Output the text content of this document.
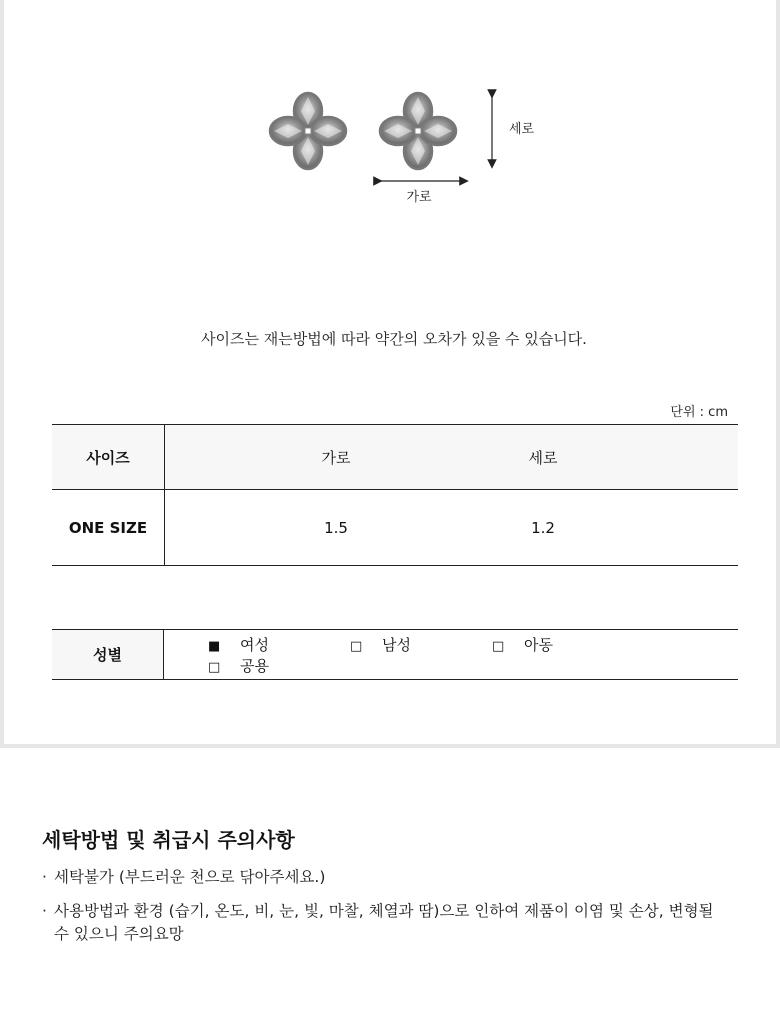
세로
가로
사이즈는 재는방법에 따라 약간의 오차가 있을 수 있습니다.
단위 : cm
사이즈	가로	세로
ONE SIZE	1.5	1.2
성별	■ 여성	□ 남성	□ 아동□ 공용
세탁방법 및 취급시 주의사항
· 세탁불가 (부드러운 천으로 닦아주세요.)
· 사용방법과 환경 (습기, 온도, 비, 눈, 빛, 마찰, 체열과 땀)으로 인하여 제품이 이염 및 손상, 변형될 수 있으니 주의요망
